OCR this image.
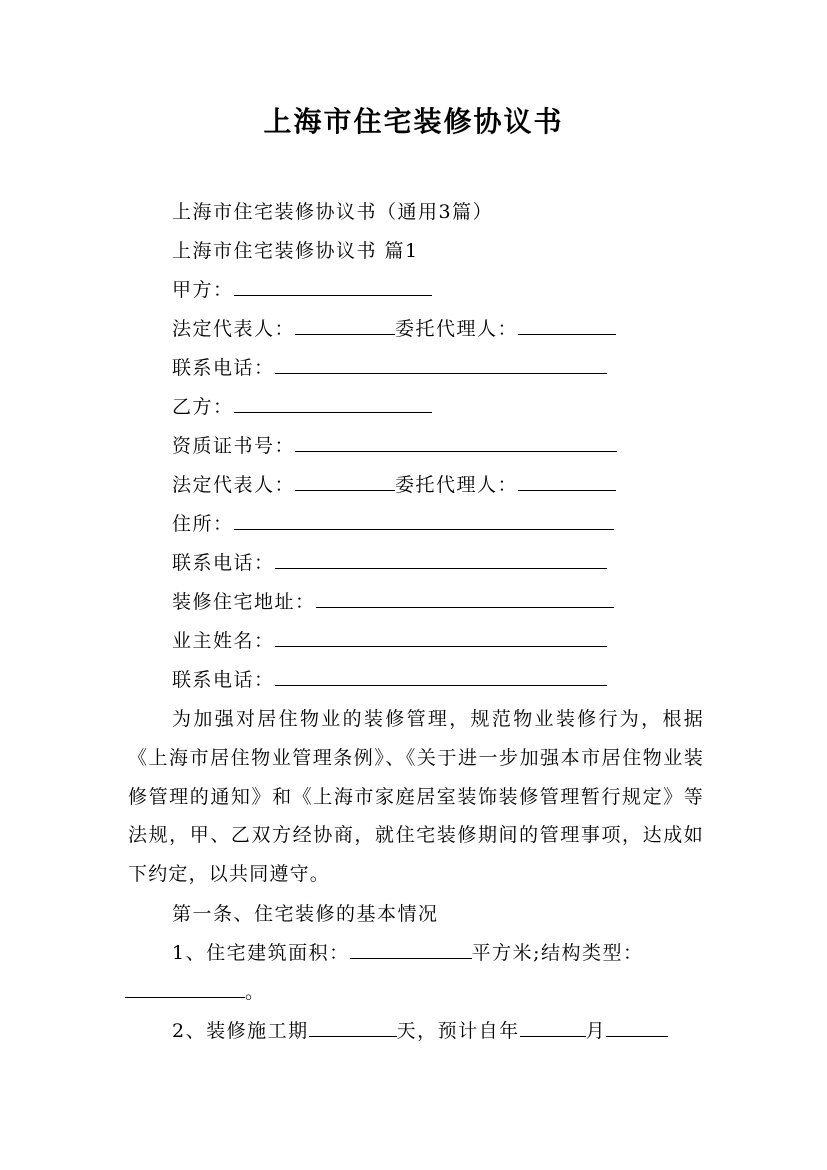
上海市住宅装修协议书
上海市住宅装修协议书（通用3篇）
上海市住宅装修协议书 篇1
甲方：
法定代表人：	委托代理人：
联系电话：
乙方：
资质证书号：
法定代表人：	委托代理人：
住所：
联系电话：
装修住宅地址：
业主姓名：
联系电话：

为加强对居住物业的装修管理，规范物业装修行为，根据《上海市居住物业管理条例》、《关于进一步加强本市居住物业装修管理的通知》和《上海市家庭居室装饰装修管理暂行规定》等法规，甲、乙双方经协商，就住宅装修期间的管理事项，达成如下约定，以共同遵守。

第一条、住宅装修的基本情况
1、住宅建筑面积：	平方米;结构类型：
。
2、装修施工期	天，预计自年	月
